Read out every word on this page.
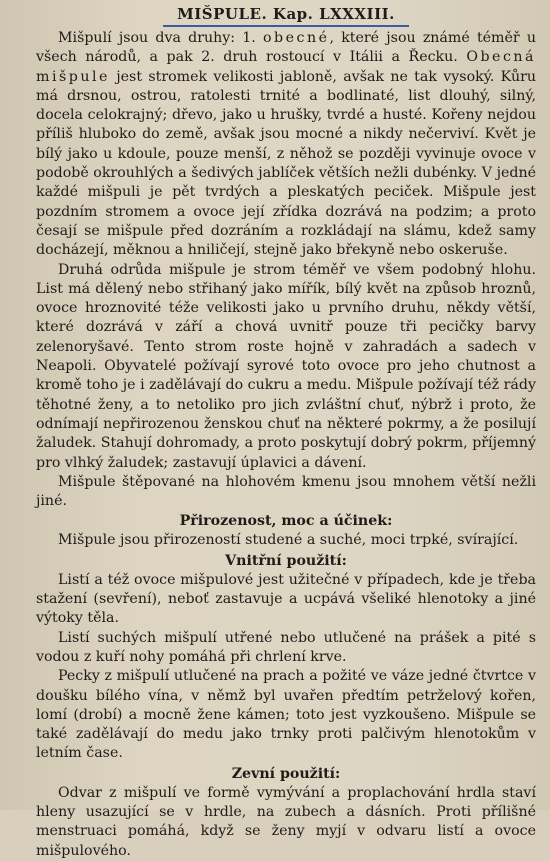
MIŠPULE. Kap. LXXXIII.

Mišpulí jsou dva druhy: 1. obecné, které jsou známé téměř u všech národů, a pak 2. druh rostoucí v Itálii a Řecku. Obecná mišpule jest stromek velikosti jabloně, avšak ne tak vysoký. Kůru má drsnou, ostrou, ratolesti trnité a bodlinaté, list dlouhý, silný, docela celokrajný; dřevo, jako u hrušky, tvrdé a husté. Kořeny nejdou příliš hluboko do země, avšak jsou mocné a nikdy nečerviví. Květ je bílý jako u kdoule, pouze menší, z něhož se později vyvinuje ovoce v podobě okrouhlých a šedivých jablíček větších nežli dubénky. V jedné každé mišpuli je pět tvrdých a pleskatých peciček. Mišpule jest pozdním stromem a ovoce její zřídka dozrává na podzim; a proto česají se mišpule před dozráním a rozkládají na slámu, kdež samy docházejí, měknou a hniličejí, stejně jako břekyně nebo oskeruše.

Druhá odrůda mišpule je strom téměř ve všem podobný hlohu. List má dělený nebo střihaný jako mířík, bílý květ na způsob hroznů, ovoce hroznovité téže velikosti jako u prvního druhu, někdy větší, které dozrává v září a chová uvnitř pouze tři pecičky barvy zelenoryšavé. Tento strom roste hojně v zahradách a sadech v Neapoli. Obyvatelé požívají syrové toto ovoce pro jeho chutnost a kromě toho je i zadělávají do cukru a medu. Mišpule požívají též rády těhotné ženy, a to netoliko pro jich zvláštní chuť, nýbrž i proto, že odnímají nepřirozenou ženskou chuť na některé pokrmy, a že posilují žaludek. Stahují dohromady, a proto poskytují dobrý pokrm, příjemný pro vlhký žaludek; zastavují úplavici a dávení.

Mišpule štěpované na hlohovém kmenu jsou mnohem větší nežli jiné.

Přirozenost, moc a účinek:

Mišpule jsou přirozeností studené a suché, moci trpké, svírající.

Vnitřní použití:

Listí a též ovoce mišpulové jest užitečné v případech, kde je třeba stažení (sevření), neboť zastavuje a ucpává všeliké hlenotoky a jiné výtoky těla.

Listí suchých mišpulí utřené nebo utlučené na prášek a pité s vodou z kuří nohy pomáhá při chrlení krve.

Pecky z mišpulí utlučené na prach a požité ve váze jedné čtvrtce v doušku bílého vína, v němž byl uvařen předtím petrželový kořen, lomí (drobí) a mocně žene kámen; toto jest vyzkoušeno. Mišpule se také zadělávají do medu jako trnky proti palčivým hlenotokům v letním čase.

Zevní použití:

Odvar z mišpulí ve formě vymývání a proplachování hrdla staví hleny usazující se v hrdle, na zubech a dásních. Proti přílišné menstruaci pomáhá, když se ženy myjí v odvaru listí a ovoce mišpulového.
